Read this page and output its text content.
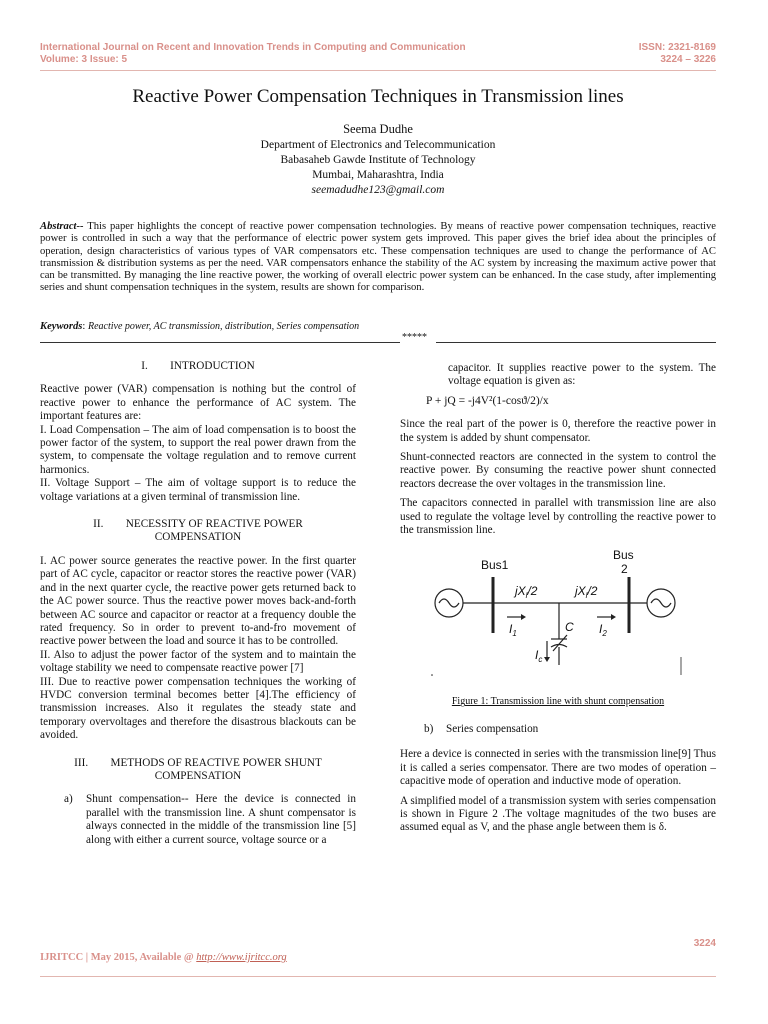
International Journal on Recent and Innovation Trends in Computing and Communication
Volume: 3 Issue: 5
ISSN: 2321-8169
3224 – 3226
Reactive Power Compensation Techniques in Transmission lines
Seema Dudhe
Department of Electronics and Telecommunication
Babasaheb Gawde Institute of Technology
Mumbai, Maharashtra, India
seemadudhe123@gmail.com
Abstract-- This paper highlights the concept of reactive power compensation technologies. By means of reactive power compensation techniques, reactive power is controlled in such a way that the performance of electric power system gets improved. This paper gives the brief idea about the principles of operation, design characteristics of various types of VAR compensators etc. These compensation techniques are used to change the performance of AC transmission & distribution systems as per the need. VAR compensators enhance the stability of the AC system by increasing the maximum active power that can be transmitted. By managing the line reactive power, the working of overall electric power system can be enhanced. In the case study, after implementing series and shunt compensation techniques in the system, results are shown for comparison.
Keywords: Reactive power, AC transmission, distribution, Series compensation
*****
I.        INTRODUCTION

Reactive power (VAR) compensation is nothing but the control of reactive power to enhance the performance of AC system. The important features are:

I. Load Compensation – The aim of load compensation is to boost the power factor of the system, to support the real power drawn from the system, to compensate the voltage regulation and to remove current harmonics.

II. Voltage Support – The aim of voltage support is to reduce the voltage variations at a given terminal of transmission line.

II.        NECESSITY OF REACTIVE POWER
COMPENSATION

I. AC power source generates the reactive power. In the first quarter part of AC cycle, capacitor or reactor stores the reactive power (VAR) and in the next quarter cycle, the reactive power gets returned back to the AC power source. Thus the reactive power moves back-and-forth between AC source and capacitor or reactor at a frequency double the rated frequency. So in order to prevent to-and-fro movement of reactive power between the load and source it has to be controlled.

II. Also to adjust the power factor of the system and to maintain the voltage stability we need to compensate reactive power [7]

III. Due to reactive power compensation techniques the working of HVDC conversion terminal becomes better [4].The efficiency of transmission increases. Also it regulates the steady state and temporary overvoltages and therefore the disastrous blackouts can be avoided.

III.        METHODS OF REACTIVE POWER SHUNT
COMPENSATION
a) Shunt compensation-- Here the device is connected in parallel with the transmission line. A shunt compensator is always connected in the middle of the transmission line [5] along with either a current source, voltage source or a

capacitor. It supplies reactive power to the system. The voltage equation is given as:

P + jQ = -j4V²(1-cosϑ/2)/x

Since the real part of the power is 0, therefore the reactive power in the system is added by shunt compensator.

Shunt-connected reactors are connected in the system to control the reactive power. By consuming the reactive power shunt connected reactors decrease the over voltages in the transmission line.

The capacitors connected in parallel with transmission line are also used to regulate the voltage level by controlling the reactive power to the transmission line.

Bus1
Bus
2
$jX_l/2$	$jX_l/2$
$I_1$	$I_2$
$I_c$
C
Figure 1: Transmission line with shunt compensation
b) Series compensation

Here a device is connected in series with the transmission line[9] Thus it is called a series compensator. There are two modes of operation – capacitive mode of operation and inductive mode of operation.

A simplified model of a transmission system with series compensation is shown in Figure 2 .The voltage magnitudes of the two buses are assumed equal as V, and the phase angle between them is δ.

3224
IJRITCC | May 2015, Available @ http://www.ijritcc.org
